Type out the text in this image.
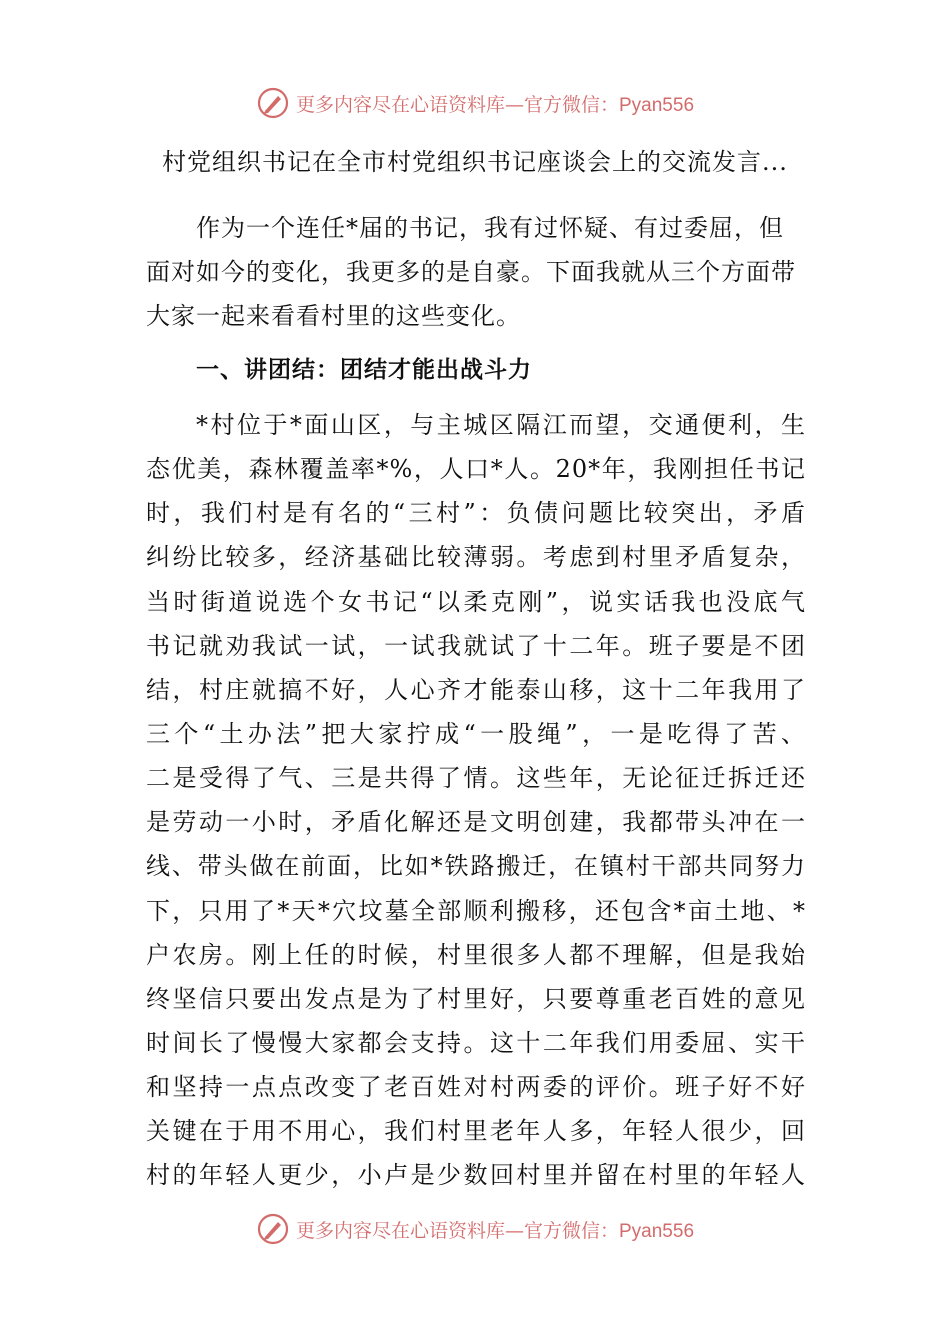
更多内容尽在心语资料库—官方微信：Pyan556
村党组织书记在全市村党组织书记座谈会上的交流发言...
作为一个连任*届的书记，我有过怀疑、有过委屈，但面对如今的变化，我更多的是自豪。下面我就从三个方面带大家一起来看看村里的这些变化。
一、讲团结：团结才能出战斗力
*村位于*面山区，与主城区隔江而望，交通便利，生
态优美，森林覆盖率*%，人口*人。20*年，我刚担任书记
时，我们村是有名的“三村”：负债问题比较突出，矛盾
纠纷比较多，经济基础比较薄弱。考虑到村里矛盾复杂，
当时街道说选个女书记“以柔克刚”，说实话我也没底气
书记就劝我试一试，一试我就试了十二年。班子要是不团
结，村庄就搞不好，人心齐才能泰山移，这十二年我用了
三个“土办法”把大家拧成“一股绳”，一是吃得了苦、
二是受得了气、三是共得了情。这些年，无论征迁拆迁还
是劳动一小时，矛盾化解还是文明创建，我都带头冲在一
线、带头做在前面，比如*铁路搬迁，在镇村干部共同努力
下，只用了*天*穴坟墓全部顺利搬移，还包含*亩土地、*
户农房。刚上任的时候，村里很多人都不理解，但是我始
终坚信只要出发点是为了村里好，只要尊重老百姓的意见
时间长了慢慢大家都会支持。这十二年我们用委屈、实干
和坚持一点点改变了老百姓对村两委的评价。班子好不好
关键在于用不用心，我们村里老年人多，年轻人很少，回
村的年轻人更少，小卢是少数回村里并留在村里的年轻人
更多内容尽在心语资料库—官方微信：Pyan556
